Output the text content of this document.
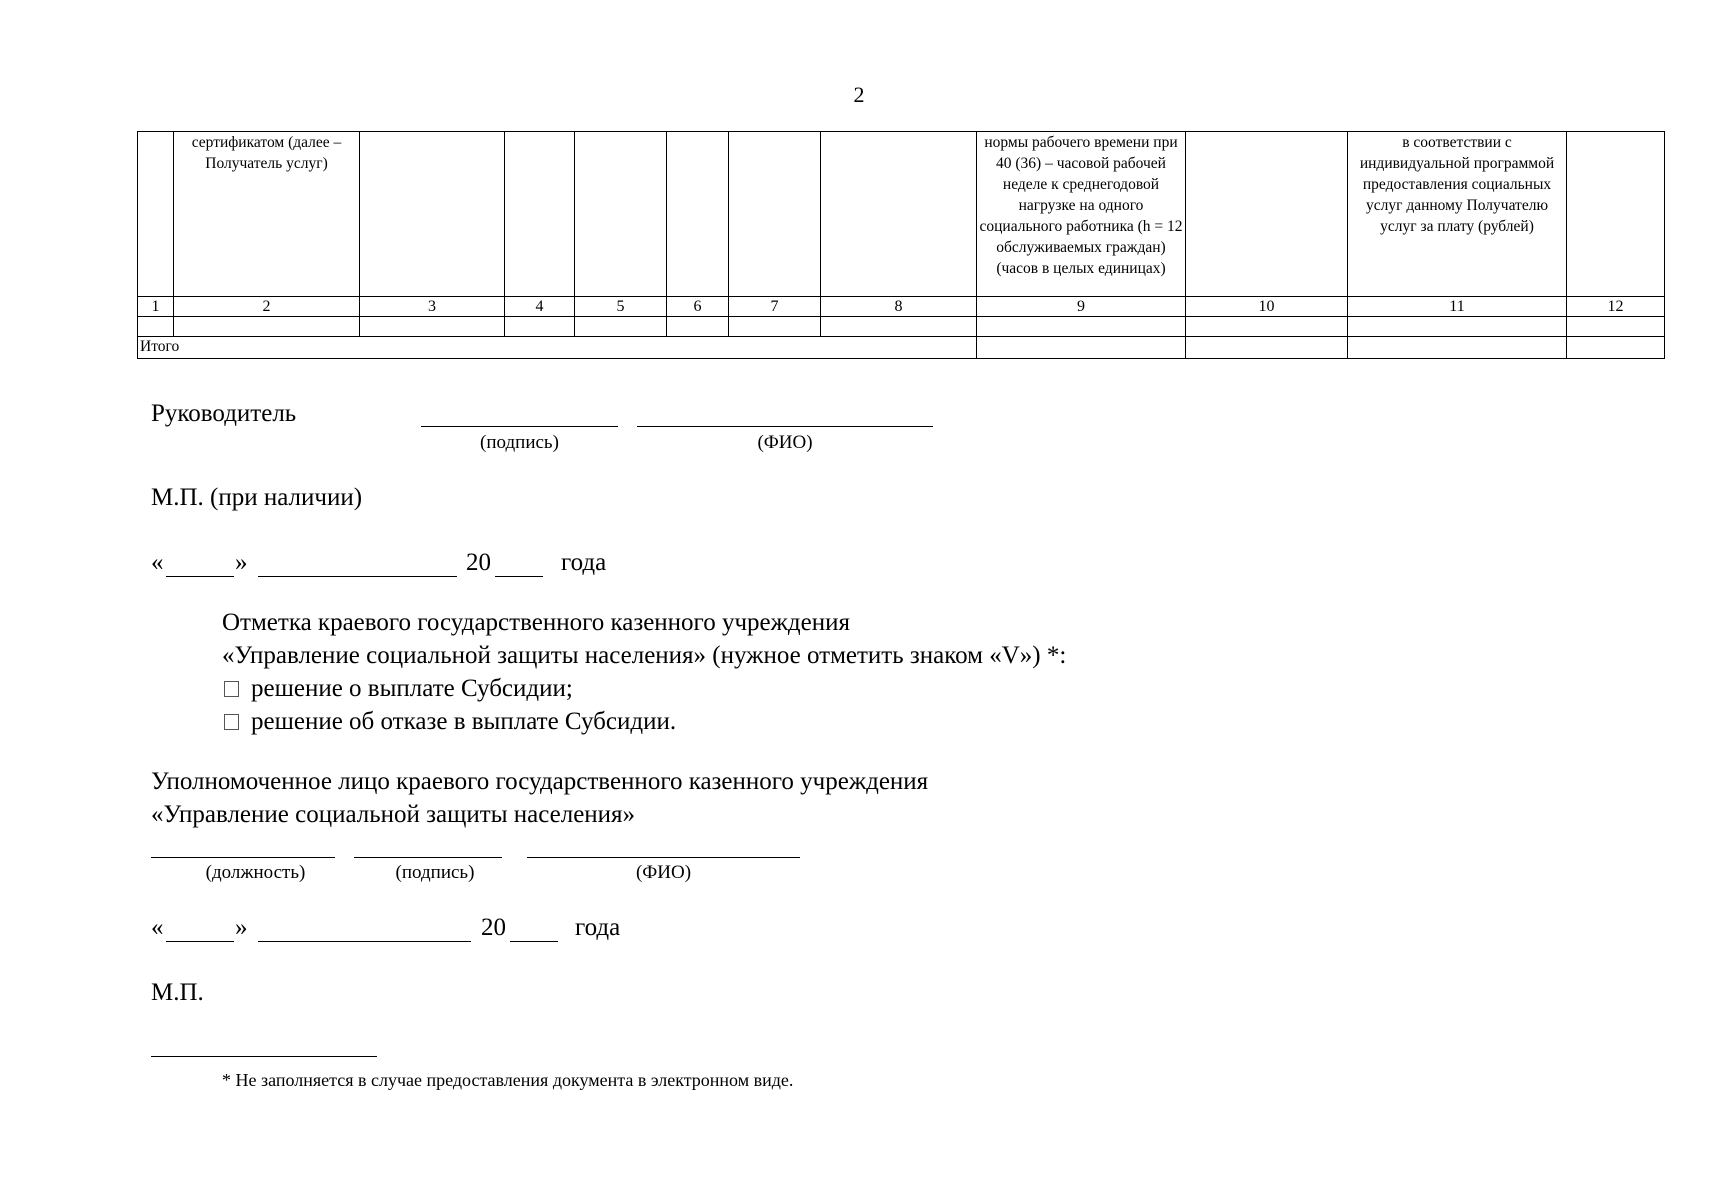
2
	сертификатом (далее – Получатель услуг)							нормы рабочего времени при 40 (36) – часовой рабочей неделе к среднегодовой нагрузке на одного социального работника (h = 12 обслуживаемых граждан) (часов в целых единицах)		в соответствии с индивидуальной программой предоставления социальных услуг данному Получателю услуг за плату (рублей)	
1	2	3	4	5	6	7	8	9	10	11	12

Итого											
Руководитель
(подпись)	(ФИО)
М.П. (при наличии)
«	»	20	года
Отметка краевого государственного казенного учреждения
«Управление социальной защиты населения» (нужное отметить знаком «V») *:
решение о выплате Субсидии;
решение об отказе в выплате Субсидии.
Уполномоченное лицо краевого государственного казенного учреждения
«Управление социальной защиты населения»
(должность)	(подпись)	(ФИО)
«	»	20	года
М.П.
* Не заполняется в случае предоставления документа в электронном виде.
